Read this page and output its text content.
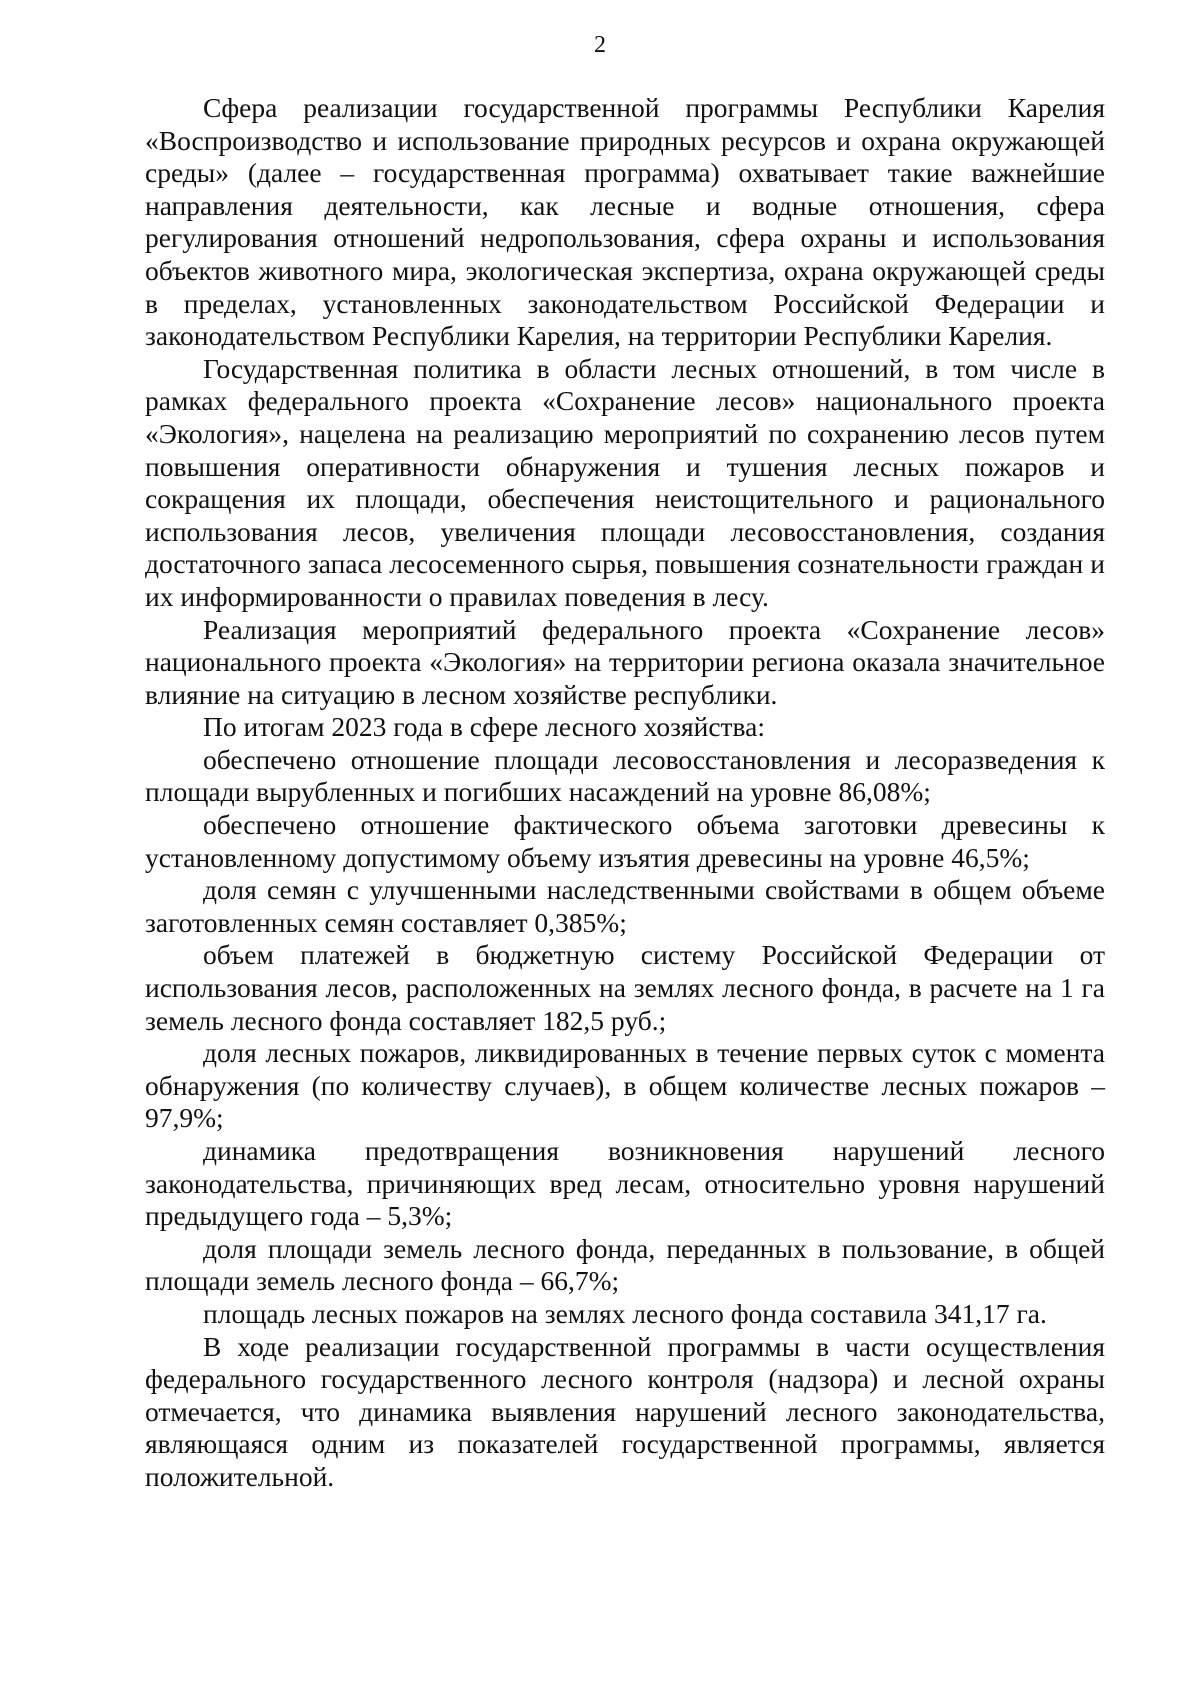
2

Сфера реализации государственной программы Республики Карелия «Воспроизводство и использование природных ресурсов и охрана окружающей среды» (далее – государственная программа) охватывает такие важнейшие направления деятельности, как лесные и водные отношения, сфера регулирования отношений недропользования, сфера охраны и использования объектов животного мира, экологическая экспертиза, охрана окружающей среды в пределах, установленных законодательством Российской Федерации и законодательством Республики Карелия, на территории Республики Карелия.

Государственная политика в области лесных отношений, в том числе в рамках федерального проекта «Сохранение лесов» национального проекта «Экология», нацелена на реализацию мероприятий по сохранению лесов путем повышения оперативности обнаружения и тушения лесных пожаров и сокращения их площади, обеспечения неистощительного и рационального использования лесов, увеличения площади лесовосстановления, создания достаточного запаса лесосеменного сырья, повышения сознательности граждан и их информированности о правилах поведения в лесу.

Реализация мероприятий федерального проекта «Сохранение лесов» национального проекта «Экология» на территории региона оказала значительное влияние на ситуацию в лесном хозяйстве республики.

По итогам 2023 года в сфере лесного хозяйства:

обеспечено отношение площади лесовосстановления и лесоразведения к площади вырубленных и погибших насаждений на уровне 86,08%;

обеспечено отношение фактического объема заготовки древесины к установленному допустимому объему изъятия древесины на уровне 46,5%;

доля семян с улучшенными наследственными свойствами в общем объеме заготовленных семян составляет 0,385%;

объем платежей в бюджетную систему Российской Федерации от использования лесов, расположенных на землях лесного фонда, в расчете на 1 га земель лесного фонда составляет 182,5 руб.;

доля лесных пожаров, ликвидированных в течение первых суток с момента обнаружения (по количеству случаев), в общем количестве лесных пожаров – 97,9%;

динамика предотвращения возникновения нарушений лесного законодательства, причиняющих вред лесам, относительно уровня нарушений предыдущего года – 5,3%;

доля площади земель лесного фонда, переданных в пользование, в общей площади земель лесного фонда – 66,7%;

площадь лесных пожаров на землях лесного фонда составила 341,17 га.

В ходе реализации государственной программы в части осуществления федерального государственного лесного контроля (надзора) и лесной охраны отмечается, что динамика выявления нарушений лесного законодательства, являющаяся одним из показателей государственной программы, является положительной.
